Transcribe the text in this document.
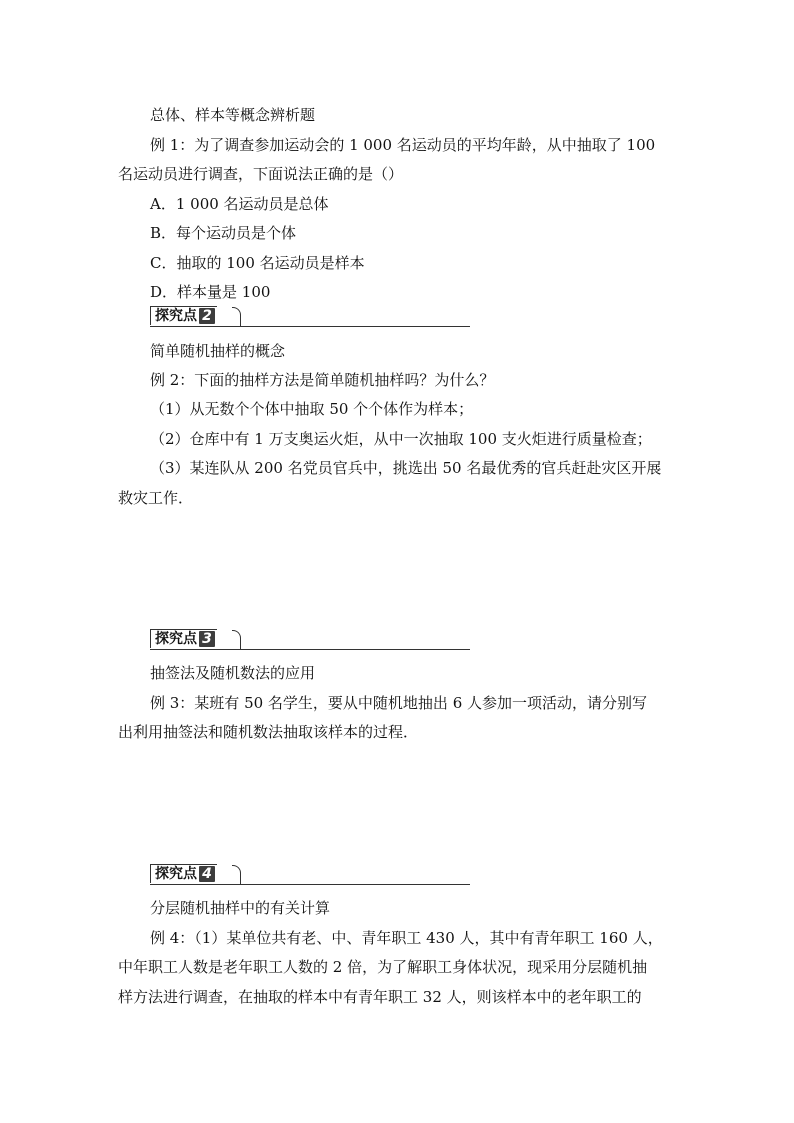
总体、样本等概念辨析题
例 1：为了调查参加运动会的 1 000 名运动员的平均年龄，从中抽取了 100
名运动员进行调查，下面说法正确的是（）
A．1 000 名运动员是总体
B．每个运动员是个体
C．抽取的 100 名运动员是样本
D．样本量是 100
探究点 2
简单随机抽样的概念
例 2：下面的抽样方法是简单随机抽样吗？为什么？
（1）从无数个个体中抽取 50 个个体作为样本；
（2）仓库中有 1 万支奥运火炬，从中一次抽取 100 支火炬进行质量检查；
（3）某连队从 200 名党员官兵中，挑选出 50 名最优秀的官兵赶赴灾区开展
救灾工作．
探究点 3
抽签法及随机数法的应用
例 3：某班有 50 名学生，要从中随机地抽出 6 人参加一项活动，请分别写
出利用抽签法和随机数法抽取该样本的过程．
探究点 4
分层随机抽样中的有关计算
例 4：（1）某单位共有老、中、青年职工 430 人，其中有青年职工 160 人，
中年职工人数是老年职工人数的 2 倍，为了解职工身体状况，现采用分层随机抽
样方法进行调查，在抽取的样本中有青年职工 32 人，则该样本中的老年职工的
